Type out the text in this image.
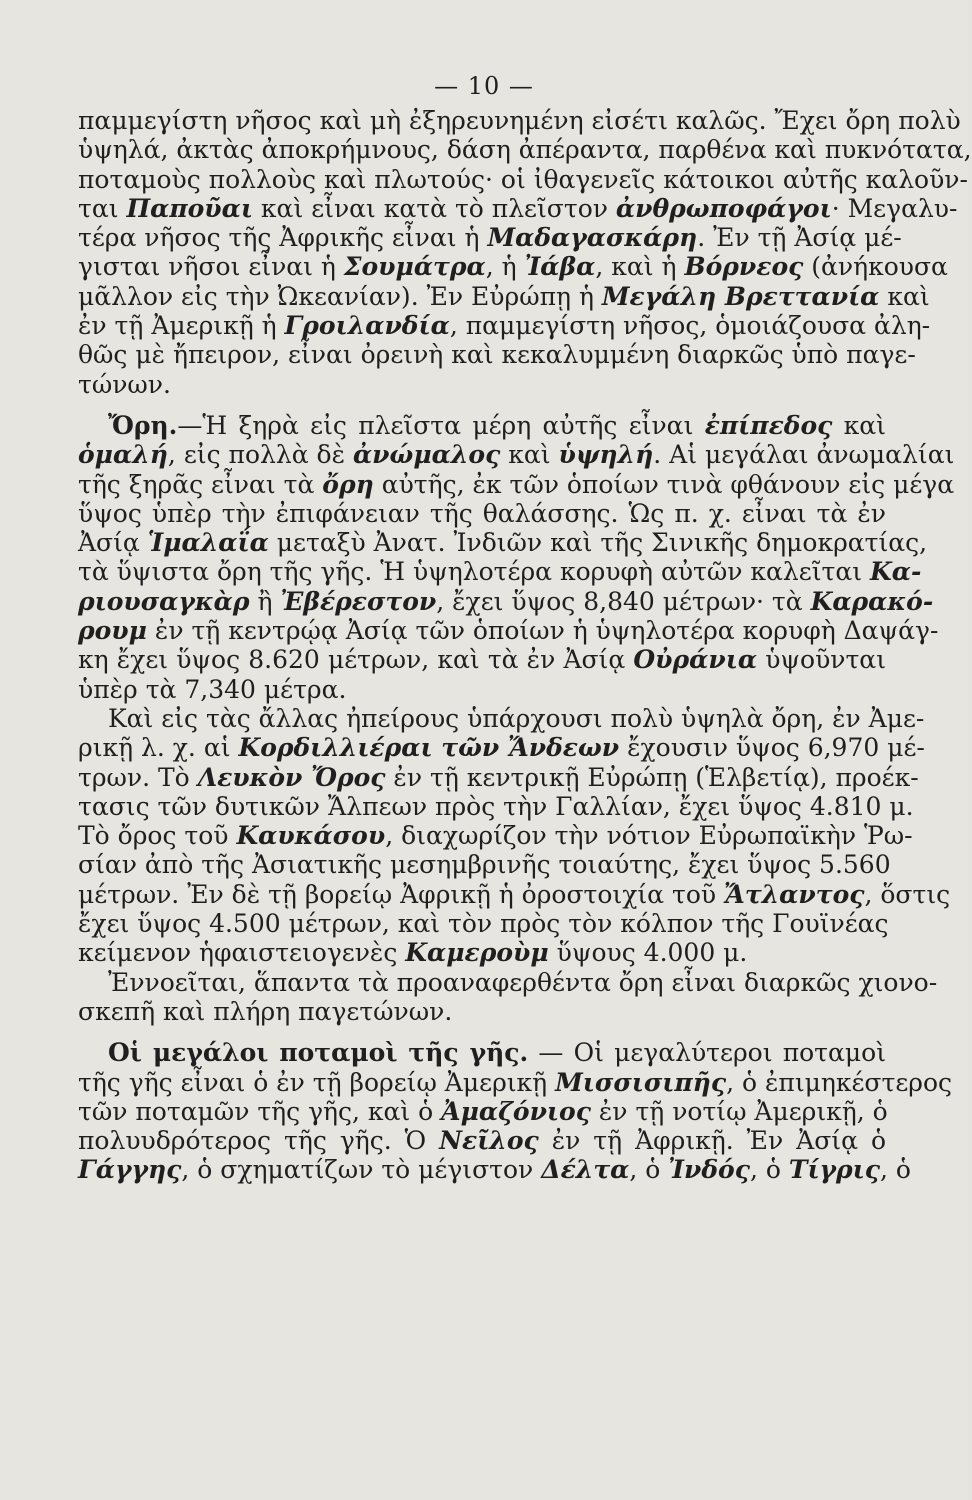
— 10 —
παμμεγίστη νῆσος καὶ μὴ ἐξηρευνημένη εἰσέτι καλῶς. Ἔχει ὄρη πολὺ
ὑψηλά, ἀκτὰς ἀποκρήμνους, δάση ἀπέραντα, παρθένα καὶ πυκνότατα,
ποταμοὺς πολλοὺς καὶ πλωτούς· οἱ ἰθαγενεῖς κάτοικοι αὐτῆς καλοῦν-
ται Παποῦαι καὶ εἶναι κατὰ τὸ πλεῖστον ἀνθρωποφάγοι· Μεγαλυ-
τέρα νῆσος τῆς Ἀφρικῆς εἶναι ἡ Μαδαγασκάρη. Ἐν τῇ Ἀσίᾳ μέ-
γισται νῆσοι εἶναι ἡ Σουμάτρα, ἡ Ἰάβα, καὶ ἡ Βόρνεος (ἀνήκουσα
μᾶλλον εἰς τὴν Ὠκεανίαν). Ἐν Εὐρώπῃ ἡ Μεγάλη Βρεττανία καὶ
ἐν τῇ Ἀμερικῇ ἡ Γροιλανδία, παμμεγίστη νῆσος, ὁμοιάζουσα ἀλη-
θῶς μὲ ἤπειρον, εἶναι ὀρεινὴ καὶ κεκαλυμμένη διαρκῶς ὑπὸ παγε-
τώνων.
Ὄρη.—Ἡ ξηρὰ εἰς πλεῖστα μέρη αὐτῆς εἶναι ἐπίπεδος καὶ
ὁμαλή, εἰς πολλὰ δὲ ἀνώμαλος καὶ ὑψηλή. Αἱ μεγάλαι ἀνωμαλίαι
τῆς ξηρᾶς εἶναι τὰ ὄρη αὐτῆς, ἐκ τῶν ὁποίων τινὰ φθάνουν εἰς μέγα
ὕψος ὑπὲρ τὴν ἐπιφάνειαν τῆς θαλάσσης. Ὡς π. χ. εἶναι τὰ ἐν
Ἀσίᾳ Ἱμαλαΐα μεταξὺ Ἀνατ. Ἰνδιῶν καὶ τῆς Σινικῆς δημοκρατίας,
τὰ ὕψιστα ὄρη τῆς γῆς. Ἡ ὑψηλοτέρα κορυφὴ αὐτῶν καλεῖται Κα-
ριουσαγκὰρ ἢ Ἐβέρεστον, ἔχει ὕψος 8,840 μέτρων· τὰ Καρακό-
ρουμ ἐν τῇ κεντρῴᾳ Ἀσίᾳ τῶν ὁποίων ἡ ὑψηλοτέρα κορυφὴ Δαψάγ-
κη ἔχει ὕψος 8.620 μέτρων, καὶ τὰ ἐν Ἀσίᾳ Οὐράνια ὑψοῦνται
ὑπὲρ τὰ 7,340 μέτρα.
Καὶ εἰς τὰς ἄλλας ἠπείρους ὑπάρχουσι πολὺ ὑψηλὰ ὄρη, ἐν Ἀμε-
ρικῇ λ. χ. αἱ Κορδιλλιέραι τῶν Ἄνδεων ἔχουσιν ὕψος 6,970 μέ-
τρων. Τὸ Λευκὸν Ὄρος ἐν τῇ κεντρικῇ Εὐρώπῃ (Ἑλβετίᾳ), προέκ-
τασις τῶν δυτικῶν Ἄλπεων πρὸς τὴν Γαλλίαν, ἔχει ὕψος 4.810 μ.
Τὸ ὄρος τοῦ Καυκάσου, διαχωρίζον τὴν νότιον Εὐρωπαϊκὴν Ῥω-
σίαν ἀπὸ τῆς Ἀσιατικῆς μεσημβρινῆς τοιαύτης, ἔχει ὕψος 5.560
μέτρων. Ἐν δὲ τῇ βορείῳ Ἀφρικῇ ἡ ὀροστοιχία τοῦ Ἄτλαντος, ὅστις
ἔχει ὕψος 4.500 μέτρων, καὶ τὸν πρὸς τὸν κόλπον τῆς Γουϊνέας
κείμενον ἡφαιστειογενὲς Καμεροὺμ ὕψους 4.000 μ.
Ἐννοεῖται, ἅπαντα τὰ προαναφερθέντα ὄρη εἶναι διαρκῶς χιονο-
σκεπῆ καὶ πλήρη παγετώνων.
Οἱ μεγάλοι ποταμοὶ τῆς γῆς. — Οἱ μεγαλύτεροι ποταμοὶ
τῆς γῆς εἶναι ὁ ἐν τῇ βορείῳ Ἀμερικῇ Μισσισιπῆς, ὁ ἐπιμηκέστερος
τῶν ποταμῶν τῆς γῆς, καὶ ὁ Ἀμαζόνιος ἐν τῇ νοτίῳ Ἀμερικῇ, ὁ
πολυυδρότερος τῆς γῆς. Ὁ Νεῖλος ἐν τῇ Ἀφρικῇ. Ἐν Ἀσίᾳ ὁ
Γάγγης, ὁ σχηματίζων τὸ μέγιστον Δέλτα, ὁ Ἰνδός, ὁ Τίγρις, ὁ
